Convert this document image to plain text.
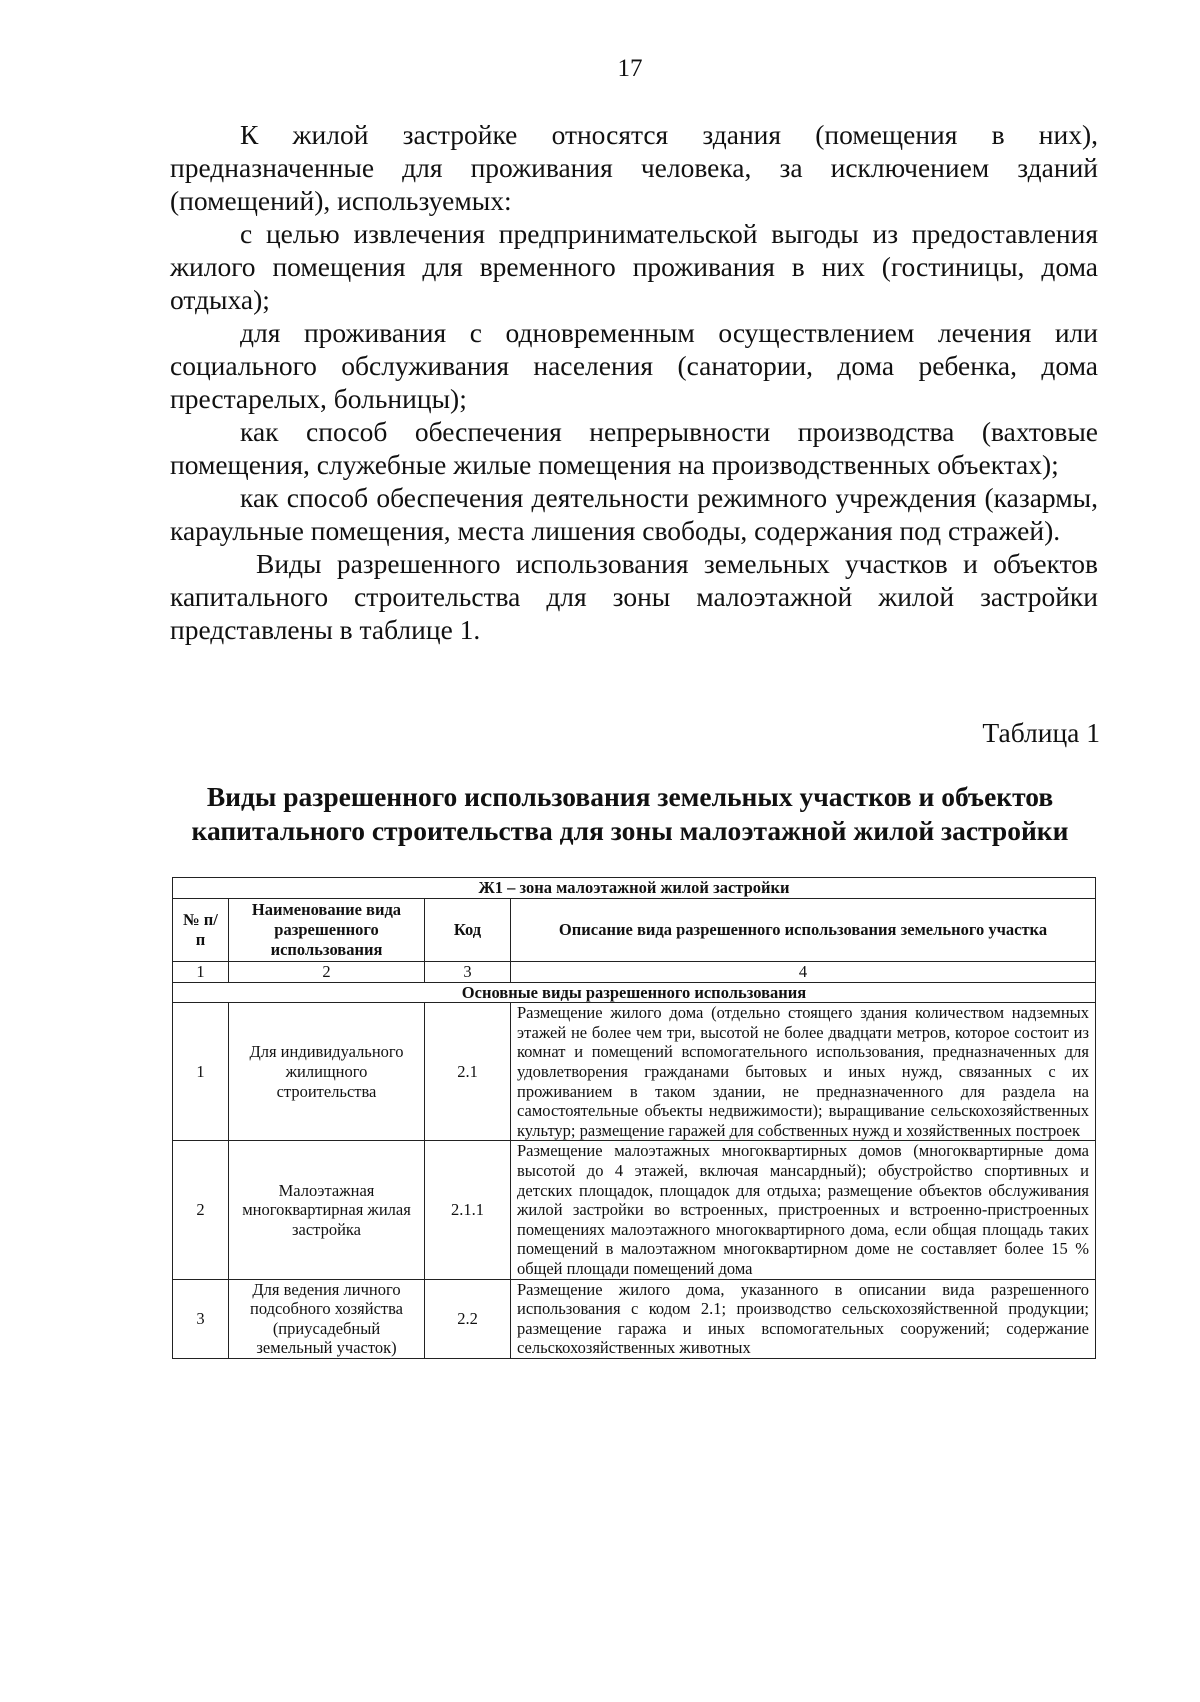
17

К жилой застройке относятся здания (помещения в них), предназначенные для проживания человека, за исключением зданий (помещений), используемых:

с целью извлечения предпринимательской выгоды из предоставления жилого помещения для временного проживания в них (гостиницы, дома отдыха);

для проживания с одновременным осуществлением лечения или социального обслуживания населения (санатории, дома ребенка, дома престарелых, больницы);

как способ обеспечения непрерывности производства (вахтовые помещения, служебные жилые помещения на производственных объектах);

как способ обеспечения деятельности режимного учреждения (казармы, караульные помещения, места лишения свободы, содержания под стражей).

Виды разрешенного использования земельных участков и объектов капитального строительства для зоны малоэтажной жилой застройки представлены в таблице 1.

Таблица 1
Виды разрешенного использования земельных участков и объектов капитального строительства для зоны малоэтажной жилой застройки
Ж1 – зона малоэтажной жилой застройки			
№ п/п	Наименование вида разрешенного использования	Код	Описание вида разрешенного использования земельного участка
1	2	3	4
Основные виды разрешенного использования			
1	Для индивидуального жилищного строительства	2.1	Размещение жилого дома (отдельно стоящего здания количеством надземных этажей не более чем три, высотой не более двадцати метров, которое состоит из комнат и помещений вспомогательного использования, предназначенных для удовлетворения гражданами бытовых и иных нужд, связанных с их проживанием в таком здании, не предназначенного для раздела на самостоятельные объекты недвижимости); выращивание сельскохозяйственных культур; размещение гаражей для собственных нужд и хозяйственных построек
2	Малоэтажная многоквартирная жилая застройка	2.1.1	Размещение малоэтажных многоквартирных домов (многоквартирные дома высотой до 4 этажей, включая мансардный); обустройство спортивных и детских площадок, площадок для отдыха; размещение объектов обслуживания жилой застройки во встроенных, пристроенных и встроенно-пристроенных помещениях малоэтажного многоквартирного дома, если общая площадь таких помещений в малоэтажном многоквартирном доме не составляет более 15 % общей площади помещений дома
3	Для ведения личного подсобного хозяйства (приусадебный земельный участок)	2.2	Размещение жилого дома, указанного в описании вида разрешенного использования с кодом 2.1; производство сельскохозяйственной продукции; размещение гаража и иных вспомогательных сооружений; содержание сельскохозяйственных животных
